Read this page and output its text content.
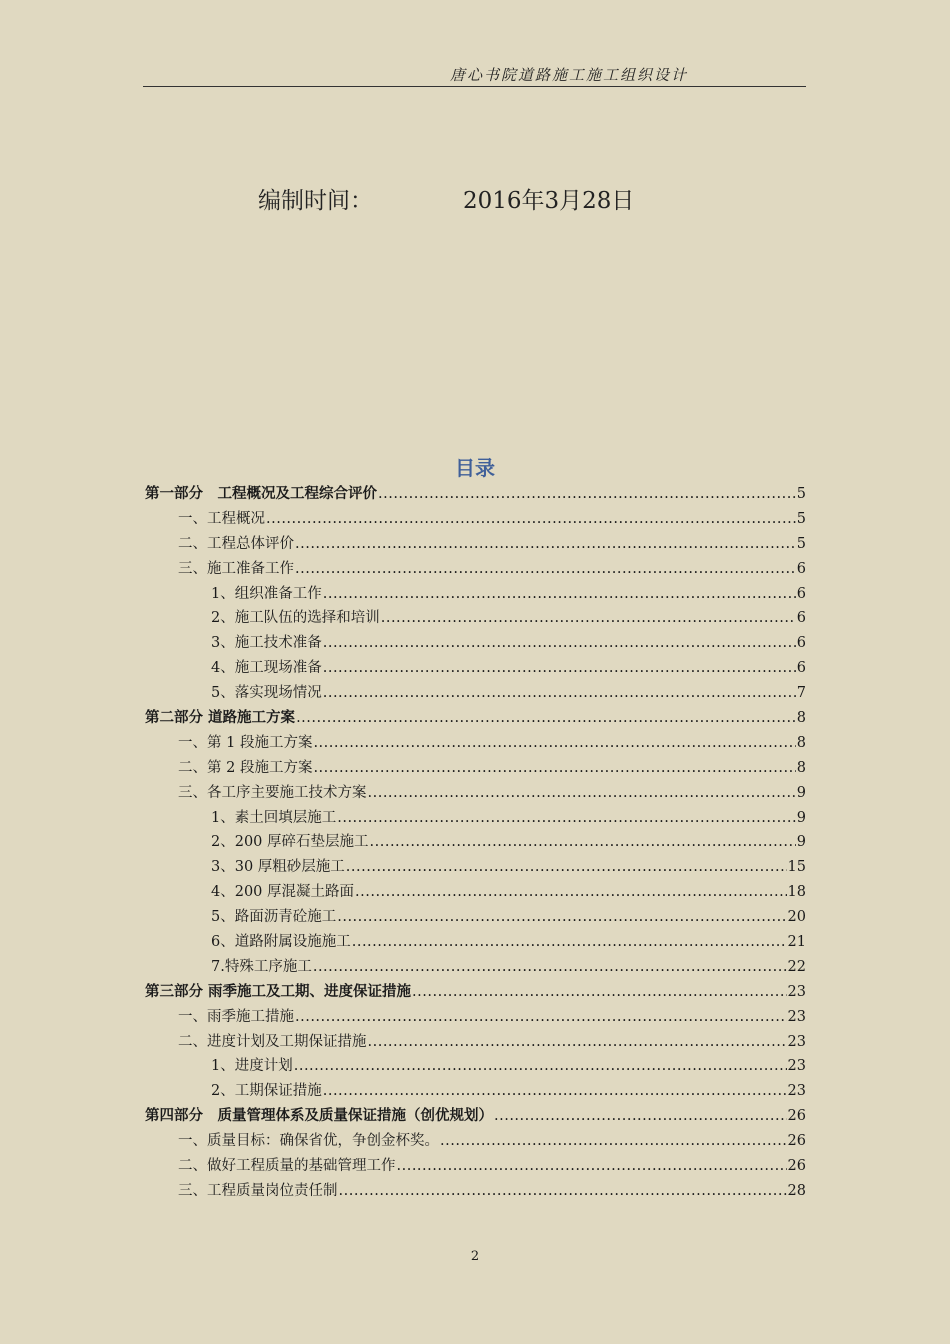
唐心书院道路施工施工组织设计
编制时间：	2016年3月28日
目录
第一部分　工程概况及工程综合评价 .....	5
一、工程概况 .....	5
二、工程总体评价 .....	5
三、施工准备工作 .....	6
1、组织准备工作 .....	6
2、施工队伍的选择和培训 .....	6
3、施工技术准备 .....	6
4、施工现场准备 .....	6
5、落实现场情况 .....	7
第二部分 道路施工方案 .....	8
一、第 1 段施工方案 .....	8
二、第 2 段施工方案 .....	8
三、各工序主要施工技术方案 .....	9
1、素土回填层施工 .....	9
2、200 厚碎石垫层施工 .....	9
3、30 厚粗砂层施工 .....	15
4、200 厚混凝土路面 .....	18
5、路面沥青砼施工 .....	20
6、道路附属设施施工 .....	21
7.特殊工序施工 .....	22
第三部分 雨季施工及工期、进度保证措施 .....	23
一、雨季施工措施 .....	23
二、进度计划及工期保证措施 .....	23
1、进度计划 .....	23
2、工期保证措施 .....	23
第四部分　质量管理体系及质量保证措施（创优规划） .....	26
一、质量目标：确保省优，争创金杯奖。 .....	26
二、做好工程质量的基础管理工作 .....	26
三、工程质量岗位责任制 .....	28
2
